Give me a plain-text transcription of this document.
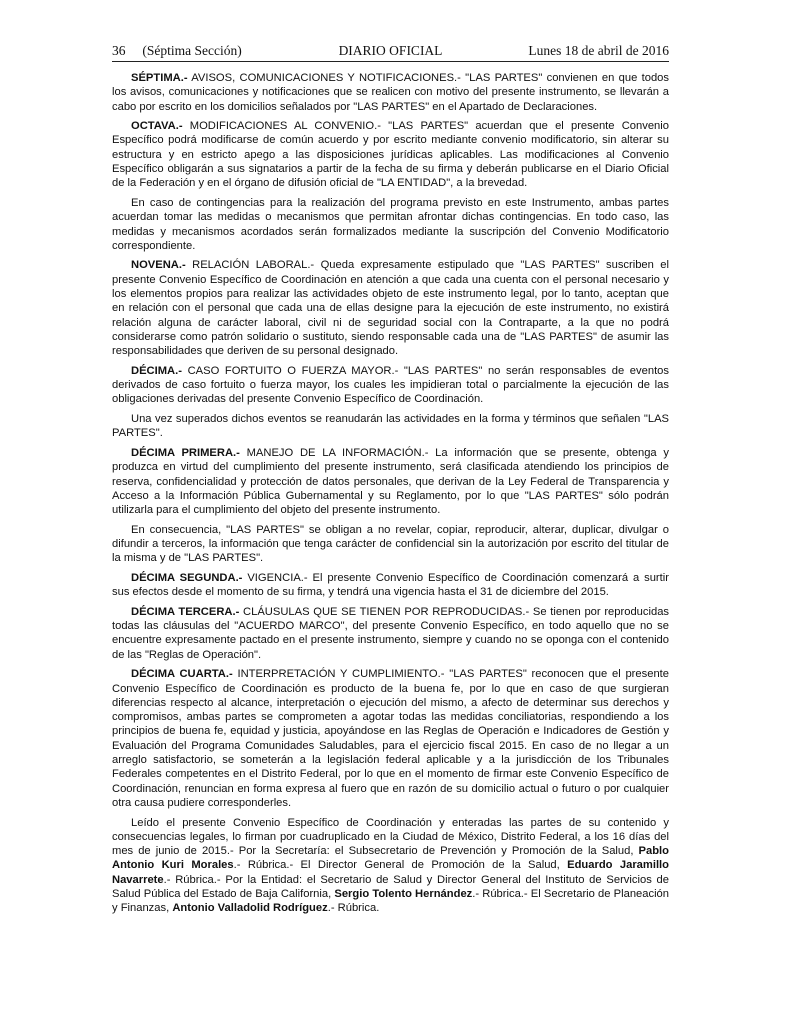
36     (Séptima Sección)	DIARIO OFICIAL	Lunes 18 de abril de 2016

SÉPTIMA.- AVISOS, COMUNICACIONES Y NOTIFICACIONES.- "LAS PARTES" convienen en que todos los avisos, comunicaciones y notificaciones que se realicen con motivo del presente instrumento, se llevarán a cabo por escrito en los domicilios señalados por "LAS PARTES" en el Apartado de Declaraciones.

OCTAVA.- MODIFICACIONES AL CONVENIO.- "LAS PARTES" acuerdan que el presente Convenio Específico podrá modificarse de común acuerdo y por escrito mediante convenio modificatorio, sin alterar su estructura y en estricto apego a las disposiciones jurídicas aplicables. Las modificaciones al Convenio Específico obligarán a sus signatarios a partir de la fecha de su firma y deberán publicarse en el Diario Oficial de la Federación y en el órgano de difusión oficial de "LA ENTIDAD", a la brevedad.

En caso de contingencias para la realización del programa previsto en este Instrumento, ambas partes acuerdan tomar las medidas o mecanismos que permitan afrontar dichas contingencias. En todo caso, las medidas y mecanismos acordados serán formalizados mediante la suscripción del Convenio Modificatorio correspondiente.

NOVENA.- RELACIÓN LABORAL.- Queda expresamente estipulado que "LAS PARTES" suscriben el presente Convenio Específico de Coordinación en atención a que cada una cuenta con el personal necesario y los elementos propios para realizar las actividades objeto de este instrumento legal, por lo tanto, aceptan que en relación con el personal que cada una de ellas designe para la ejecución de este instrumento, no existirá relación alguna de carácter laboral, civil ni de seguridad social con la Contraparte, a la que no podrá considerarse como patrón solidario o sustituto, siendo responsable cada una de "LAS PARTES" de asumir las responsabilidades que deriven de su personal designado.

DÉCIMA.- CASO FORTUITO O FUERZA MAYOR.- "LAS PARTES" no serán responsables de eventos derivados de caso fortuito o fuerza mayor, los cuales les impidieran total o parcialmente la ejecución de las obligaciones derivadas del presente Convenio Específico de Coordinación.

Una vez superados dichos eventos se reanudarán las actividades en la forma y términos que señalen "LAS PARTES".

DÉCIMA PRIMERA.- MANEJO DE LA INFORMACIÓN.- La información que se presente, obtenga y produzca en virtud del cumplimiento del presente instrumento, será clasificada atendiendo los principios de reserva, confidencialidad y protección de datos personales, que derivan de la Ley Federal de Transparencia y Acceso a la Información Pública Gubernamental y su Reglamento, por lo que "LAS PARTES" sólo podrán utilizarla para el cumplimiento del objeto del presente instrumento.

En consecuencia, "LAS PARTES" se obligan a no revelar, copiar, reproducir, alterar, duplicar, divulgar o difundir a terceros, la información que tenga carácter de confidencial sin la autorización por escrito del titular de la misma y de "LAS PARTES".

DÉCIMA SEGUNDA.- VIGENCIA.- El presente Convenio Específico de Coordinación comenzará a surtir sus efectos desde el momento de su firma, y tendrá una vigencia hasta el 31 de diciembre del 2015.

DÉCIMA TERCERA.- CLÁUSULAS QUE SE TIENEN POR REPRODUCIDAS.- Se tienen por reproducidas todas las cláusulas del "ACUERDO MARCO", del presente Convenio Específico, en todo aquello que no se encuentre expresamente pactado en el presente instrumento, siempre y cuando no se oponga con el contenido de las "Reglas de Operación".

DÉCIMA CUARTA.- INTERPRETACIÓN Y CUMPLIMIENTO.- "LAS PARTES" reconocen que el presente Convenio Específico de Coordinación es producto de la buena fe, por lo que en caso de que surgieran diferencias respecto al alcance, interpretación o ejecución del mismo, a afecto de determinar sus derechos y compromisos, ambas partes se comprometen a agotar todas las medidas conciliatorias, respondiendo a los principios de buena fe, equidad y justicia, apoyándose en las Reglas de Operación e Indicadores de Gestión y Evaluación del Programa Comunidades Saludables, para el ejercicio fiscal 2015. En caso de no llegar a un arreglo satisfactorio, se someterán a la legislación federal aplicable y a la jurisdicción de los Tribunales Federales competentes en el Distrito Federal, por lo que en el momento de firmar este Convenio Específico de Coordinación, renuncian en forma expresa al fuero que en razón de su domicilio actual o futuro o por cualquier otra causa pudiere corresponderles.

Leído el presente Convenio Específico de Coordinación y enteradas las partes de su contenido y consecuencias legales, lo firman por cuadruplicado en la Ciudad de México, Distrito Federal, a los 16 días del mes de junio de 2015.- Por la Secretaría: el Subsecretario de Prevención y Promoción de la Salud, Pablo Antonio Kuri Morales.- Rúbrica.- El Director General de Promoción de la Salud, Eduardo Jaramillo Navarrete.- Rúbrica.- Por la Entidad: el Secretario de Salud y Director General del Instituto de Servicios de Salud Pública del Estado de Baja California, Sergio Tolento Hernández.- Rúbrica.- El Secretario de Planeación y Finanzas, Antonio Valladolid Rodríguez.- Rúbrica.
